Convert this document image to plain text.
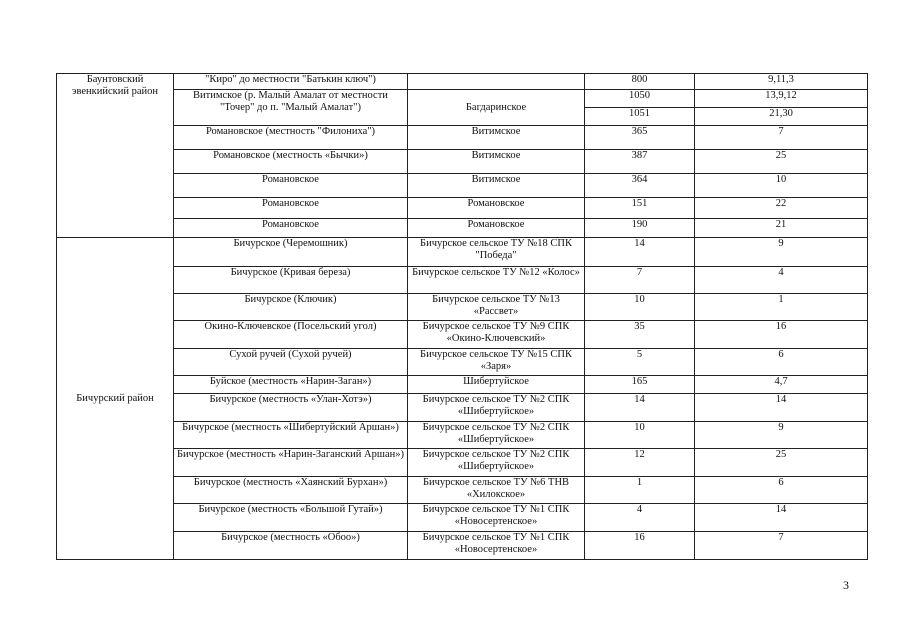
Баунтовский эвенкийский район	"Киро" до местности "Батькин ключ")		800	9,11,3
	Витимское (р. Малый Амалат от местности "Точер" до п. "Малый Амалат")	Багдаринское	1050	13,9,12
			1051	21,30
	Романовское (местность "Филониха")	Витимское	365	7
	Романовское (местность «Бычки»)	Витимское	387	25
	Романовское	Витимское	364	10
	Романовское	Романовское	151	22
	Романовское	Романовское	190	21
Бичурский район	Бичурское (Черемошник)	Бичурское сельское ТУ №18 СПК "Победа"	14	9
	Бичурское (Кривая береза)	Бичурское сельское ТУ №12 «Колос»	7	4
	Бичурское (Ключик)	Бичурское сельское ТУ №13 «Рассвет»	10	1
	Окино-Ключевское (Посельский угол)	Бичурское сельское ТУ №9 СПК «Окино-Ключевский»	35	16
	Сухой ручей (Сухой ручей)	Бичурское сельское ТУ №15 СПК «Заря»	5	6
	Буйское (местность «Нарин-Заган»)	Шибертуйское	165	4,7
	Бичурское (местность «Улан-Хотэ»)	Бичурское сельское ТУ №2 СПК «Шибертуйское»	14	14
	Бичурское (местность «Шибертуйский Аршан»)	Бичурское сельское ТУ №2 СПК «Шибертуйское»	10	9
	Бичурское (местность «Нарин-Заганский Аршан»)	Бичурское сельское ТУ №2 СПК «Шибертуйское»	12	25
	Бичурское (местность «Хаянский Бурхан»)	Бичурское сельское ТУ №6 ТНВ «Хилокское»	1	6
	Бичурское (местность «Большой Гутай»)	Бичурское сельское ТУ №1 СПК «Новосертенское»	4	14
	Бичурское (местность «Обоо»)	Бичурское сельское ТУ №1 СПК «Новосертенское»	16	7
3
